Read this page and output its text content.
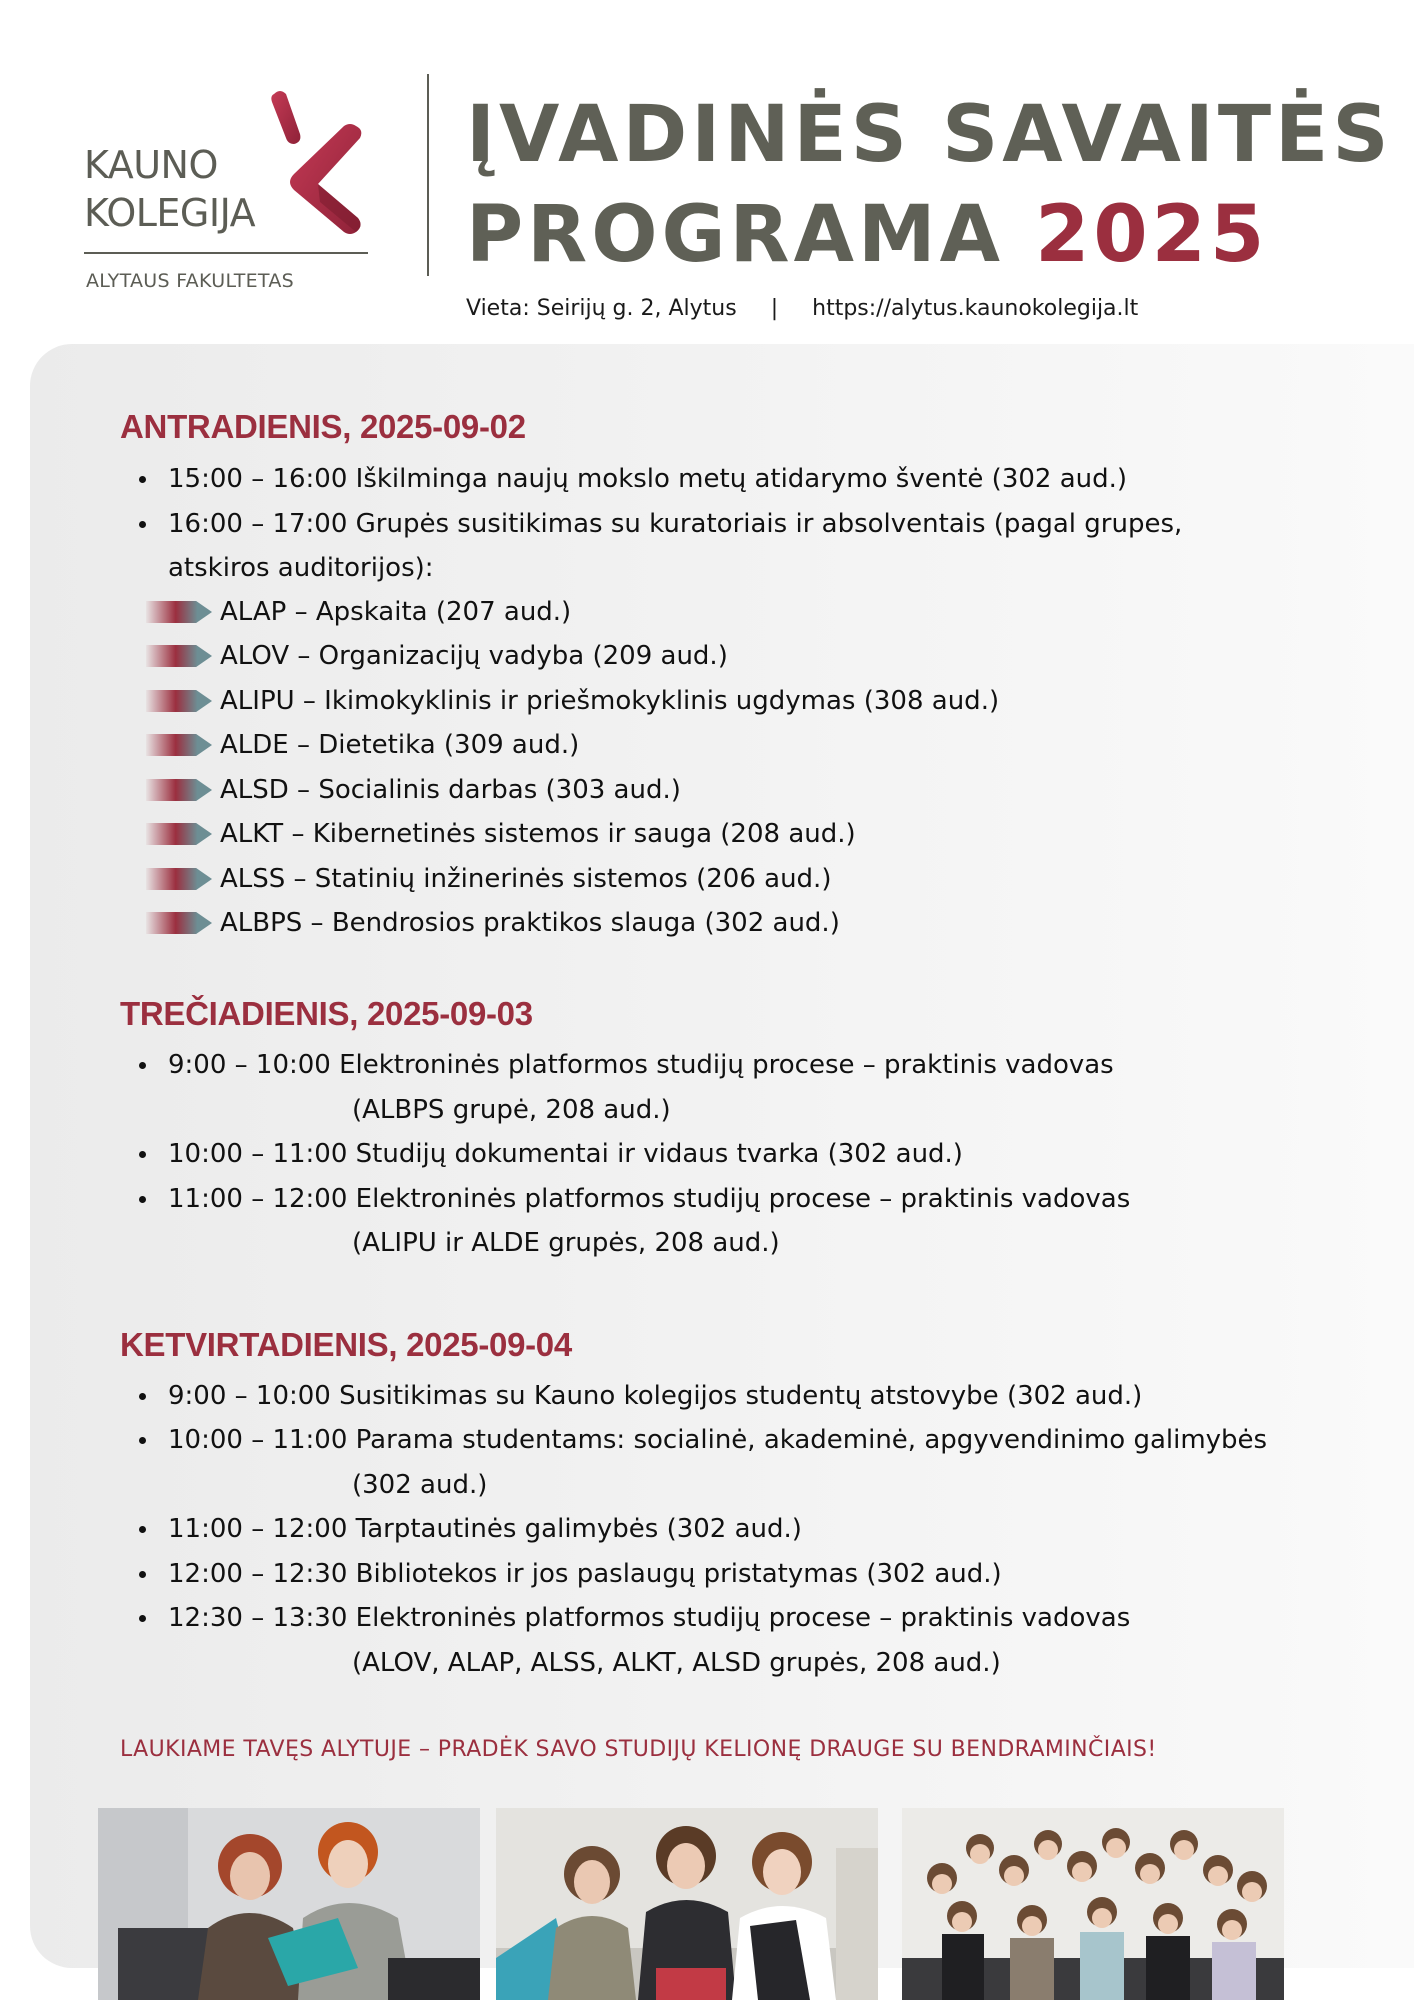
KAUNO
KOLEGIJA
ALYTAUS FAKULTETAS
ĮVADINĖS SAVAITĖS
PROGRAMA 2025
Vieta: Seirijų g. 2, Alytus | https://alytus.kaunokolegija.lt
ANTRADIENIS, 2025-09-02
15:00 – 16:00 Iškilminga naujų mokslo metų atidarymo šventė (302 aud.)
16:00 – 17:00 Grupės susitikimas su kuratoriais ir absolventais (pagal grupes,
atskiros auditorijos):
ALAP – Apskaita (207 aud.)
ALOV – Organizacijų vadyba (209 aud.)
ALIPU – Ikimokyklinis ir priešmokyklinis ugdymas (308 aud.)
ALDE – Dietetika (309 aud.)
ALSD – Socialinis darbas (303 aud.)
ALKT – Kibernetinės sistemos ir sauga (208 aud.)
ALSS – Statinių inžinerinės sistemos (206 aud.)
ALBPS – Bendrosios praktikos slauga (302 aud.)
TREČIADIENIS, 2025-09-03
9:00 – 10:00 Elektroninės platformos studijų procese – praktinis vadovas
(ALBPS grupė, 208 aud.)
10:00 – 11:00 Studijų dokumentai ir vidaus tvarka (302 aud.)
11:00 – 12:00 Elektroninės platformos studijų procese – praktinis vadovas
(ALIPU ir ALDE grupės, 208 aud.)
KETVIRTADIENIS, 2025-09-04
9:00 – 10:00 Susitikimas su Kauno kolegijos studentų atstovybe (302 aud.)
10:00 – 11:00 Parama studentams: socialinė, akademinė, apgyvendinimo galimybės
(302 aud.)
11:00 – 12:00 Tarptautinės galimybės (302 aud.)
12:00 – 12:30 Bibliotekos ir jos paslaugų pristatymas (302 aud.)
12:30 – 13:30 Elektroninės platformos studijų procese – praktinis vadovas
(ALOV, ALAP, ALSS, ALKT, ALSD grupės, 208 aud.)
LAUKIAME TAVĘS ALYTUJE – PRADĖK SAVO STUDIJŲ KELIONĘ DRAUGE SU BENDRAMINČIAIS!
